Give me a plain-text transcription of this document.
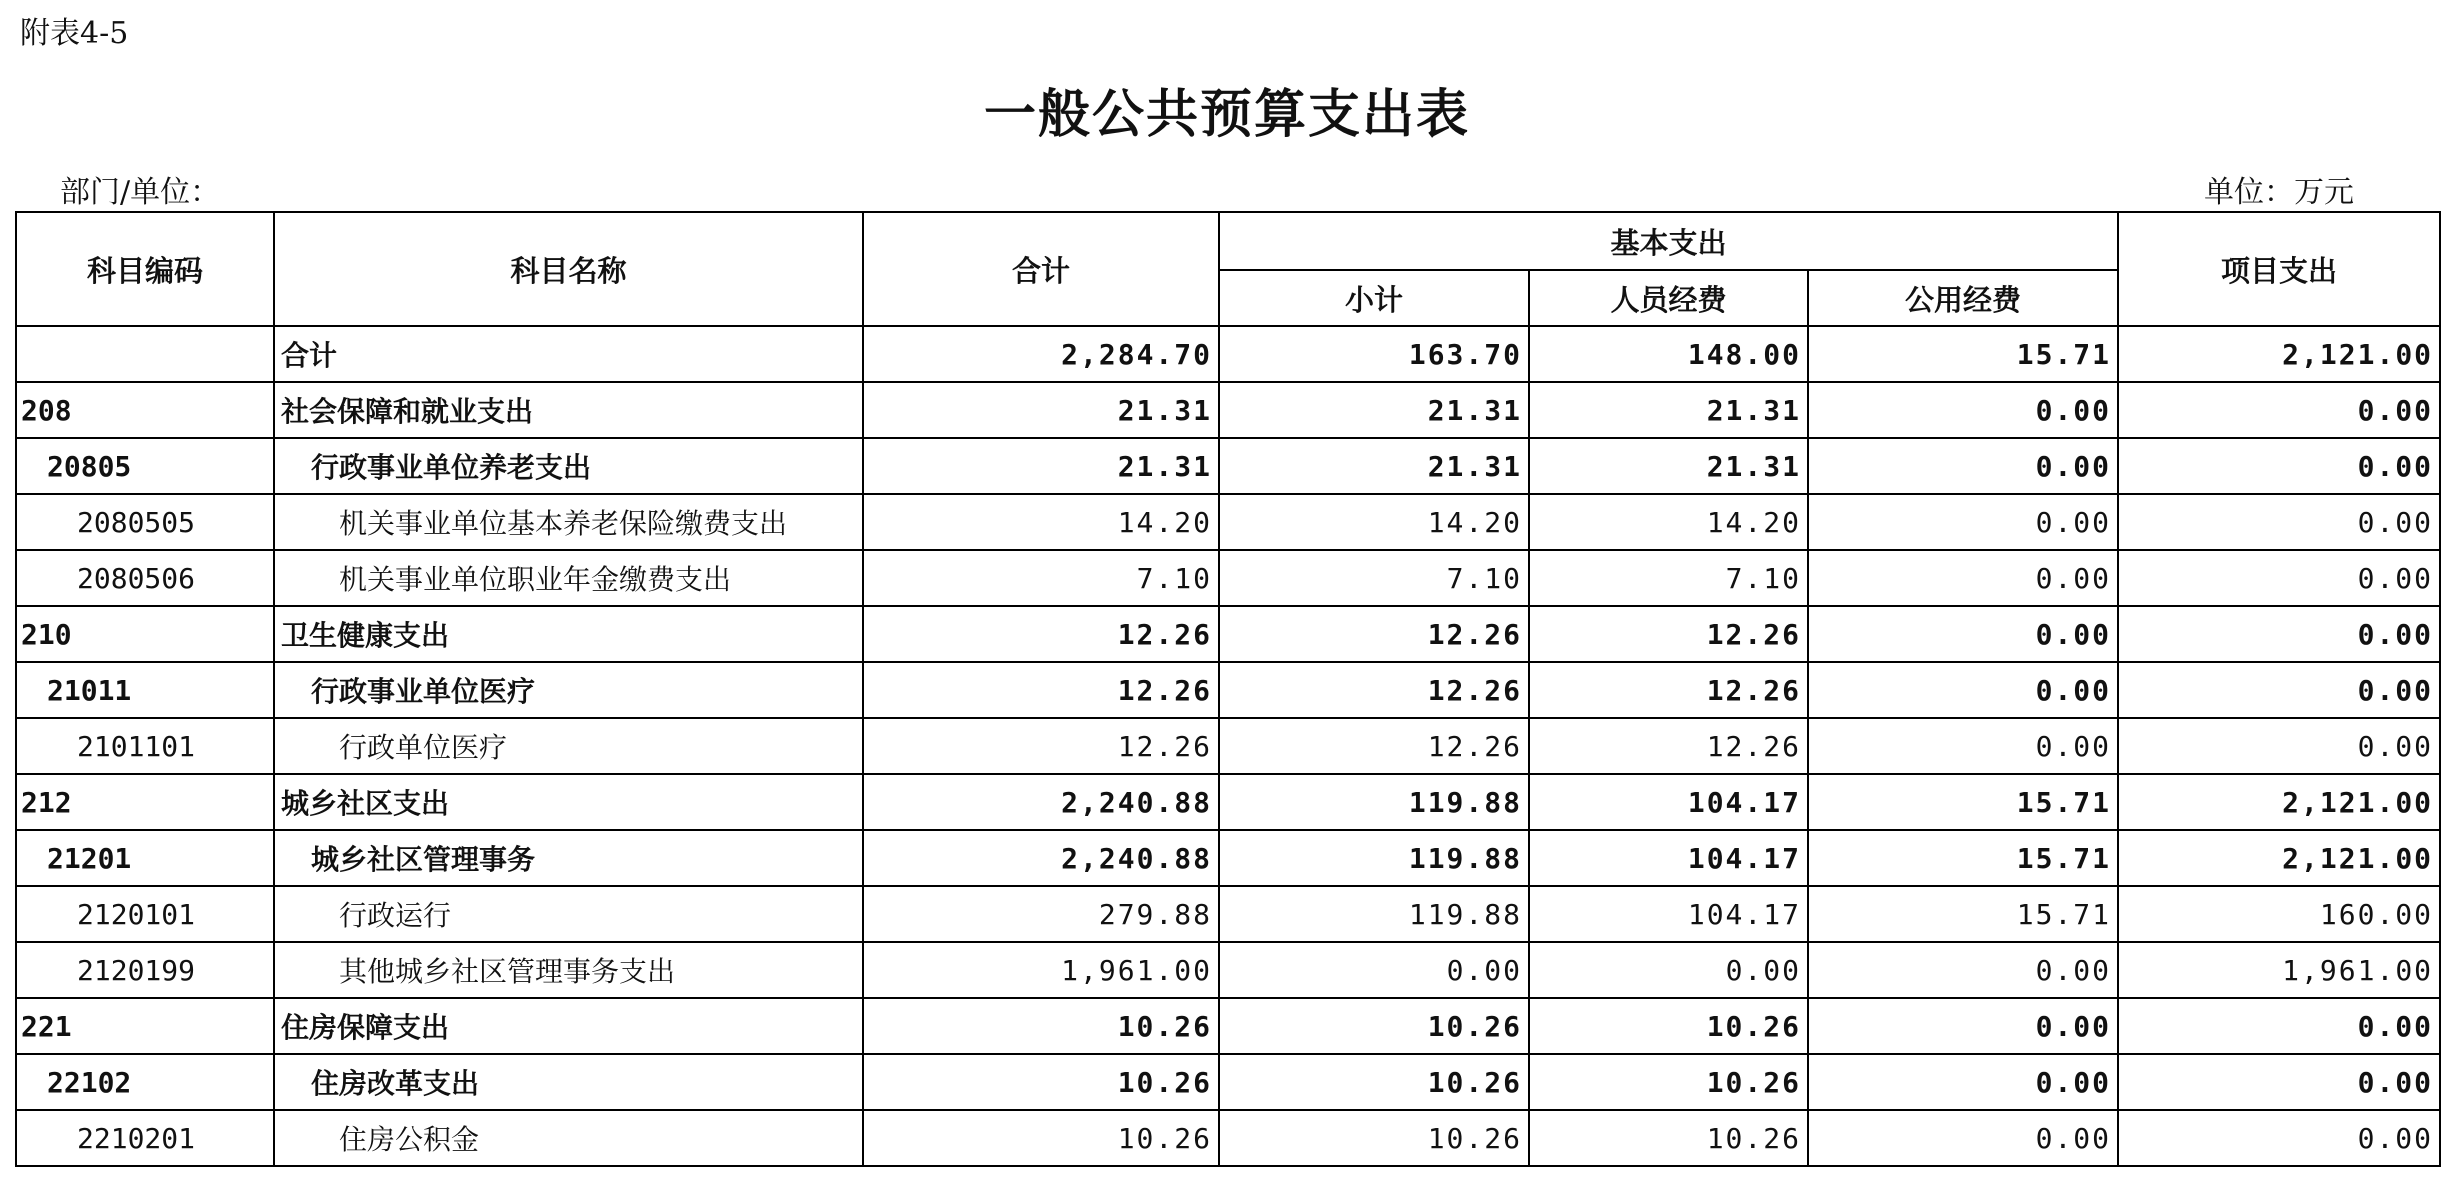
附表4-5
一般公共预算支出表
部门/单位：	单位：万元
科目编码	科目名称	合计	基本支出			项目支出
			小计	人员经费	公用经费	
	合计	2,284.70	163.70	148.00	15.71	2,121.00
208	社会保障和就业支出	21.31	21.31	21.31	0.00	0.00
20805	行政事业单位养老支出	21.31	21.31	21.31	0.00	0.00
2080505	机关事业单位基本养老保险缴费支出	14.20	14.20	14.20	0.00	0.00
2080506	机关事业单位职业年金缴费支出	7.10	7.10	7.10	0.00	0.00
210	卫生健康支出	12.26	12.26	12.26	0.00	0.00
21011	行政事业单位医疗	12.26	12.26	12.26	0.00	0.00
2101101	行政单位医疗	12.26	12.26	12.26	0.00	0.00
212	城乡社区支出	2,240.88	119.88	104.17	15.71	2,121.00
21201	城乡社区管理事务	2,240.88	119.88	104.17	15.71	2,121.00
2120101	行政运行	279.88	119.88	104.17	15.71	160.00
2120199	其他城乡社区管理事务支出	1,961.00	0.00	0.00	0.00	1,961.00
221	住房保障支出	10.26	10.26	10.26	0.00	0.00
22102	住房改革支出	10.26	10.26	10.26	0.00	0.00
2210201	住房公积金	10.26	10.26	10.26	0.00	0.00
